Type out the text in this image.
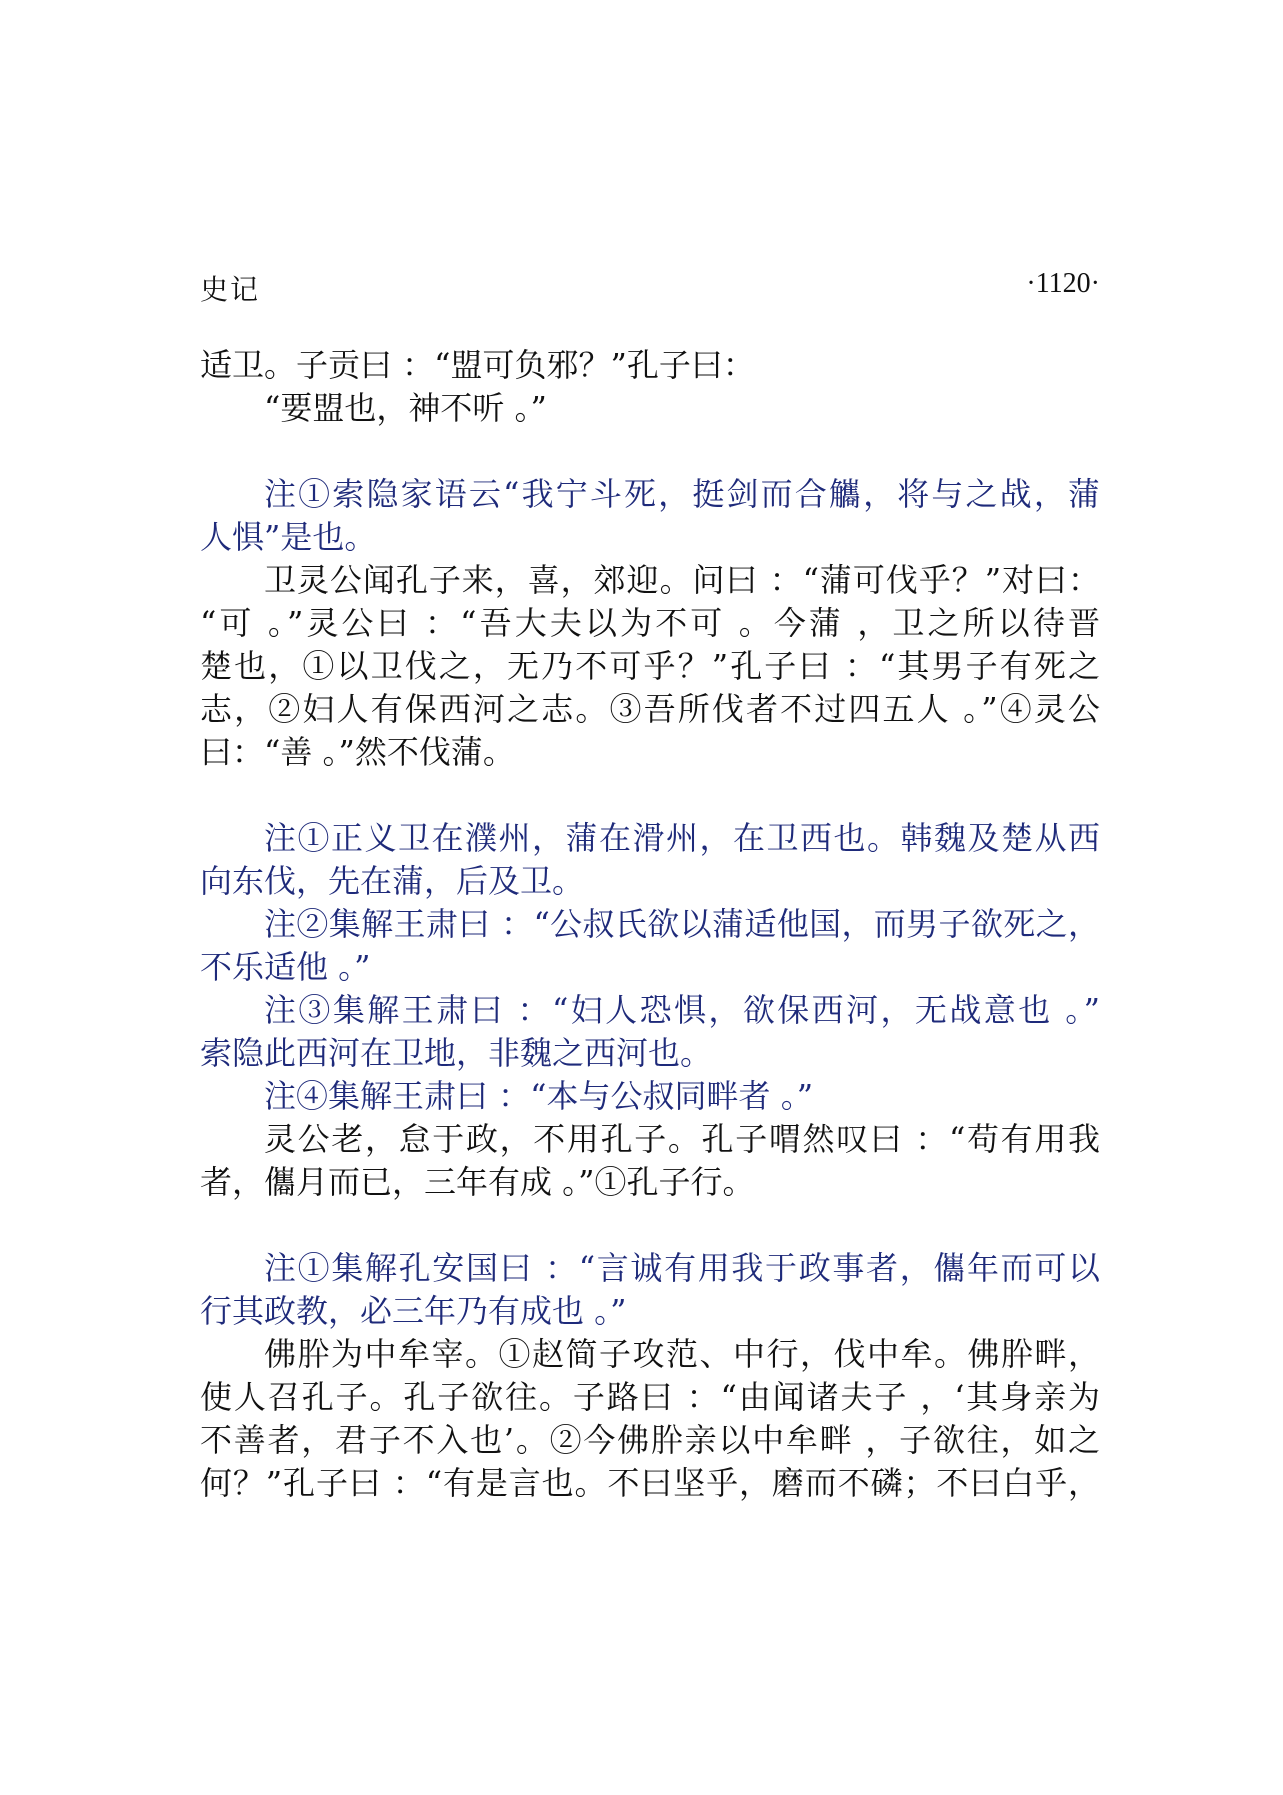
史记	·1120·
适卫。子贡曰 ：“盟可负邪？”孔子曰：
“要盟也，神不听 。”
注①索隐家语云“我宁斗死，挺剑而合觿，将与之战，蒲
人惧”是也。
卫灵公闻孔子来，喜，郊迎。问曰 ：“蒲可伐乎？”对曰：
“可 。”灵公曰 ：“吾大夫以为不可 。今蒲 ，卫之所以待晋
楚也，①以卫伐之，无乃不可乎？”孔子曰 ：“其男子有死之
志，②妇人有保西河之志。③吾所伐者不过四五人 。”④灵公
曰：“善 。”然不伐蒲。
注①正义卫在濮州，蒲在滑州，在卫西也。韩魏及楚从西
向东伐，先在蒲，后及卫。
注②集解王肃曰 ：“公叔氏欲以蒲适他国，而男子欲死之，
不乐适他 。”
注③集解王肃曰 ：“妇人恐惧，欲保西河，无战意也 。”
索隐此西河在卫地，非魏之西河也。
注④集解王肃曰 ：“本与公叔同畔者 。”
灵公老，怠于政，不用孔子。孔子喟然叹曰 ：“苟有用我
者，儶月而已，三年有成 。”①孔子行。
注①集解孔安国曰 ：“言诚有用我于政事者，儶年而可以
行其政教，必三年乃有成也 。”
佛肸为中牟宰。①赵简子攻范、中行，伐中牟。佛肸畔，
使人召孔子。孔子欲往。子路曰 ：“由闻诸夫子 ，‘其身亲为
不善者，君子不入也’。②今佛肸亲以中牟畔 ，子欲往，如之
何？”孔子曰 ：“有是言也。不曰坚乎，磨而不磷；不曰白乎，
